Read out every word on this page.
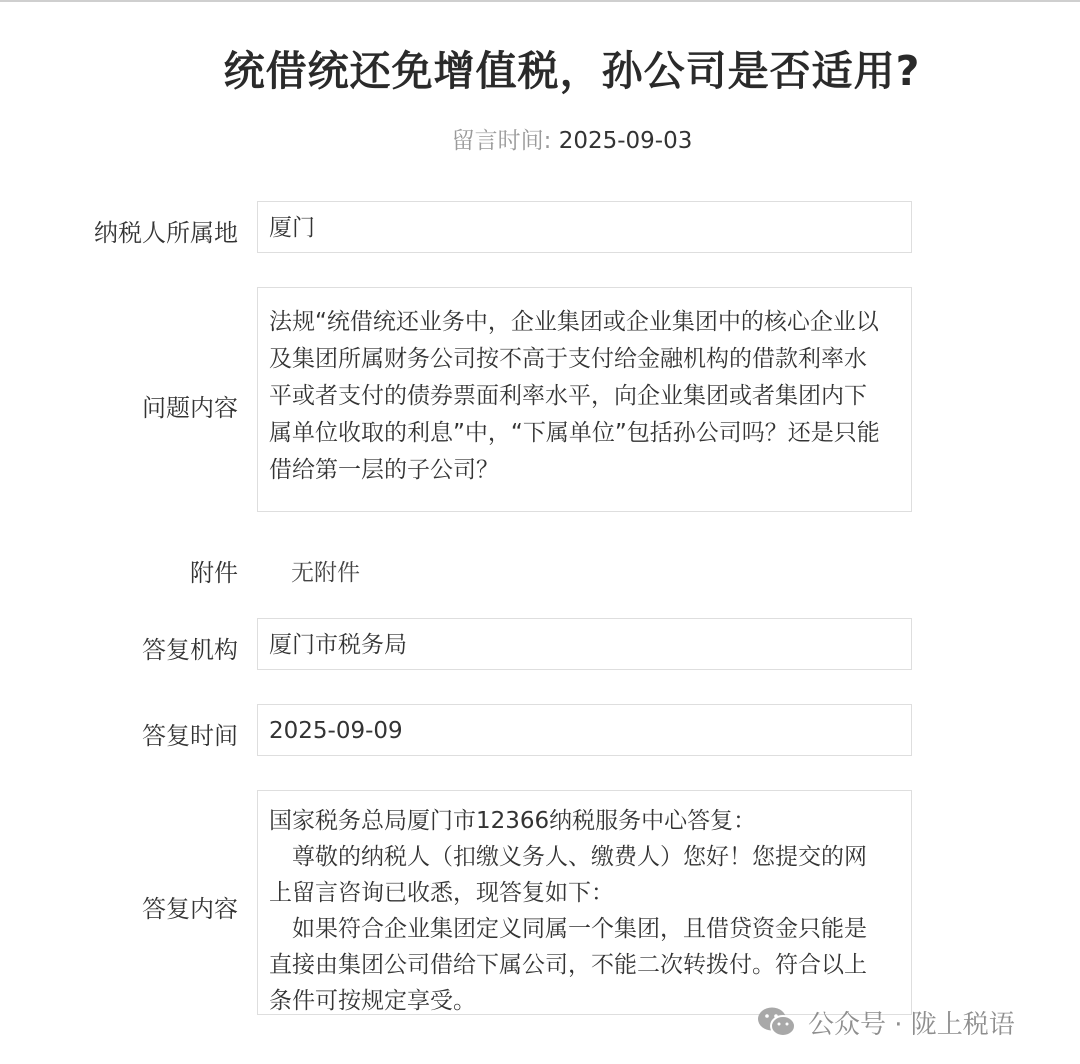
统借统还免增值税，孙公司是否适用?
留言时间: 2025-09-03
纳税人所属地	厦门
问题内容

法规“统借统还业务中，企业集团或企业集团中的核心企业以及集团所属财务公司按不高于支付给金融机构的借款利率水平或者支付的债券票面利率水平，向企业集团或者集团内下属单位收取的利息”中，“下属单位”包括孙公司吗？还是只能借给第一层的子公司？

附件 无附件
答复机构	厦门市税务局
答复时间	2025-09-09
答复内容

国家税务总局厦门市12366纳税服务中心答复：

　尊敬的纳税人（扣缴义务人、缴费人）您好！您提交的网上留言咨询已收悉，现答复如下：

　如果符合企业集团定义同属一个集团，且借贷资金只能是直接由集团公司借给下属公司，不能二次转拨付。符合以上条件可按规定享受。

公众号 · 陇上税语
